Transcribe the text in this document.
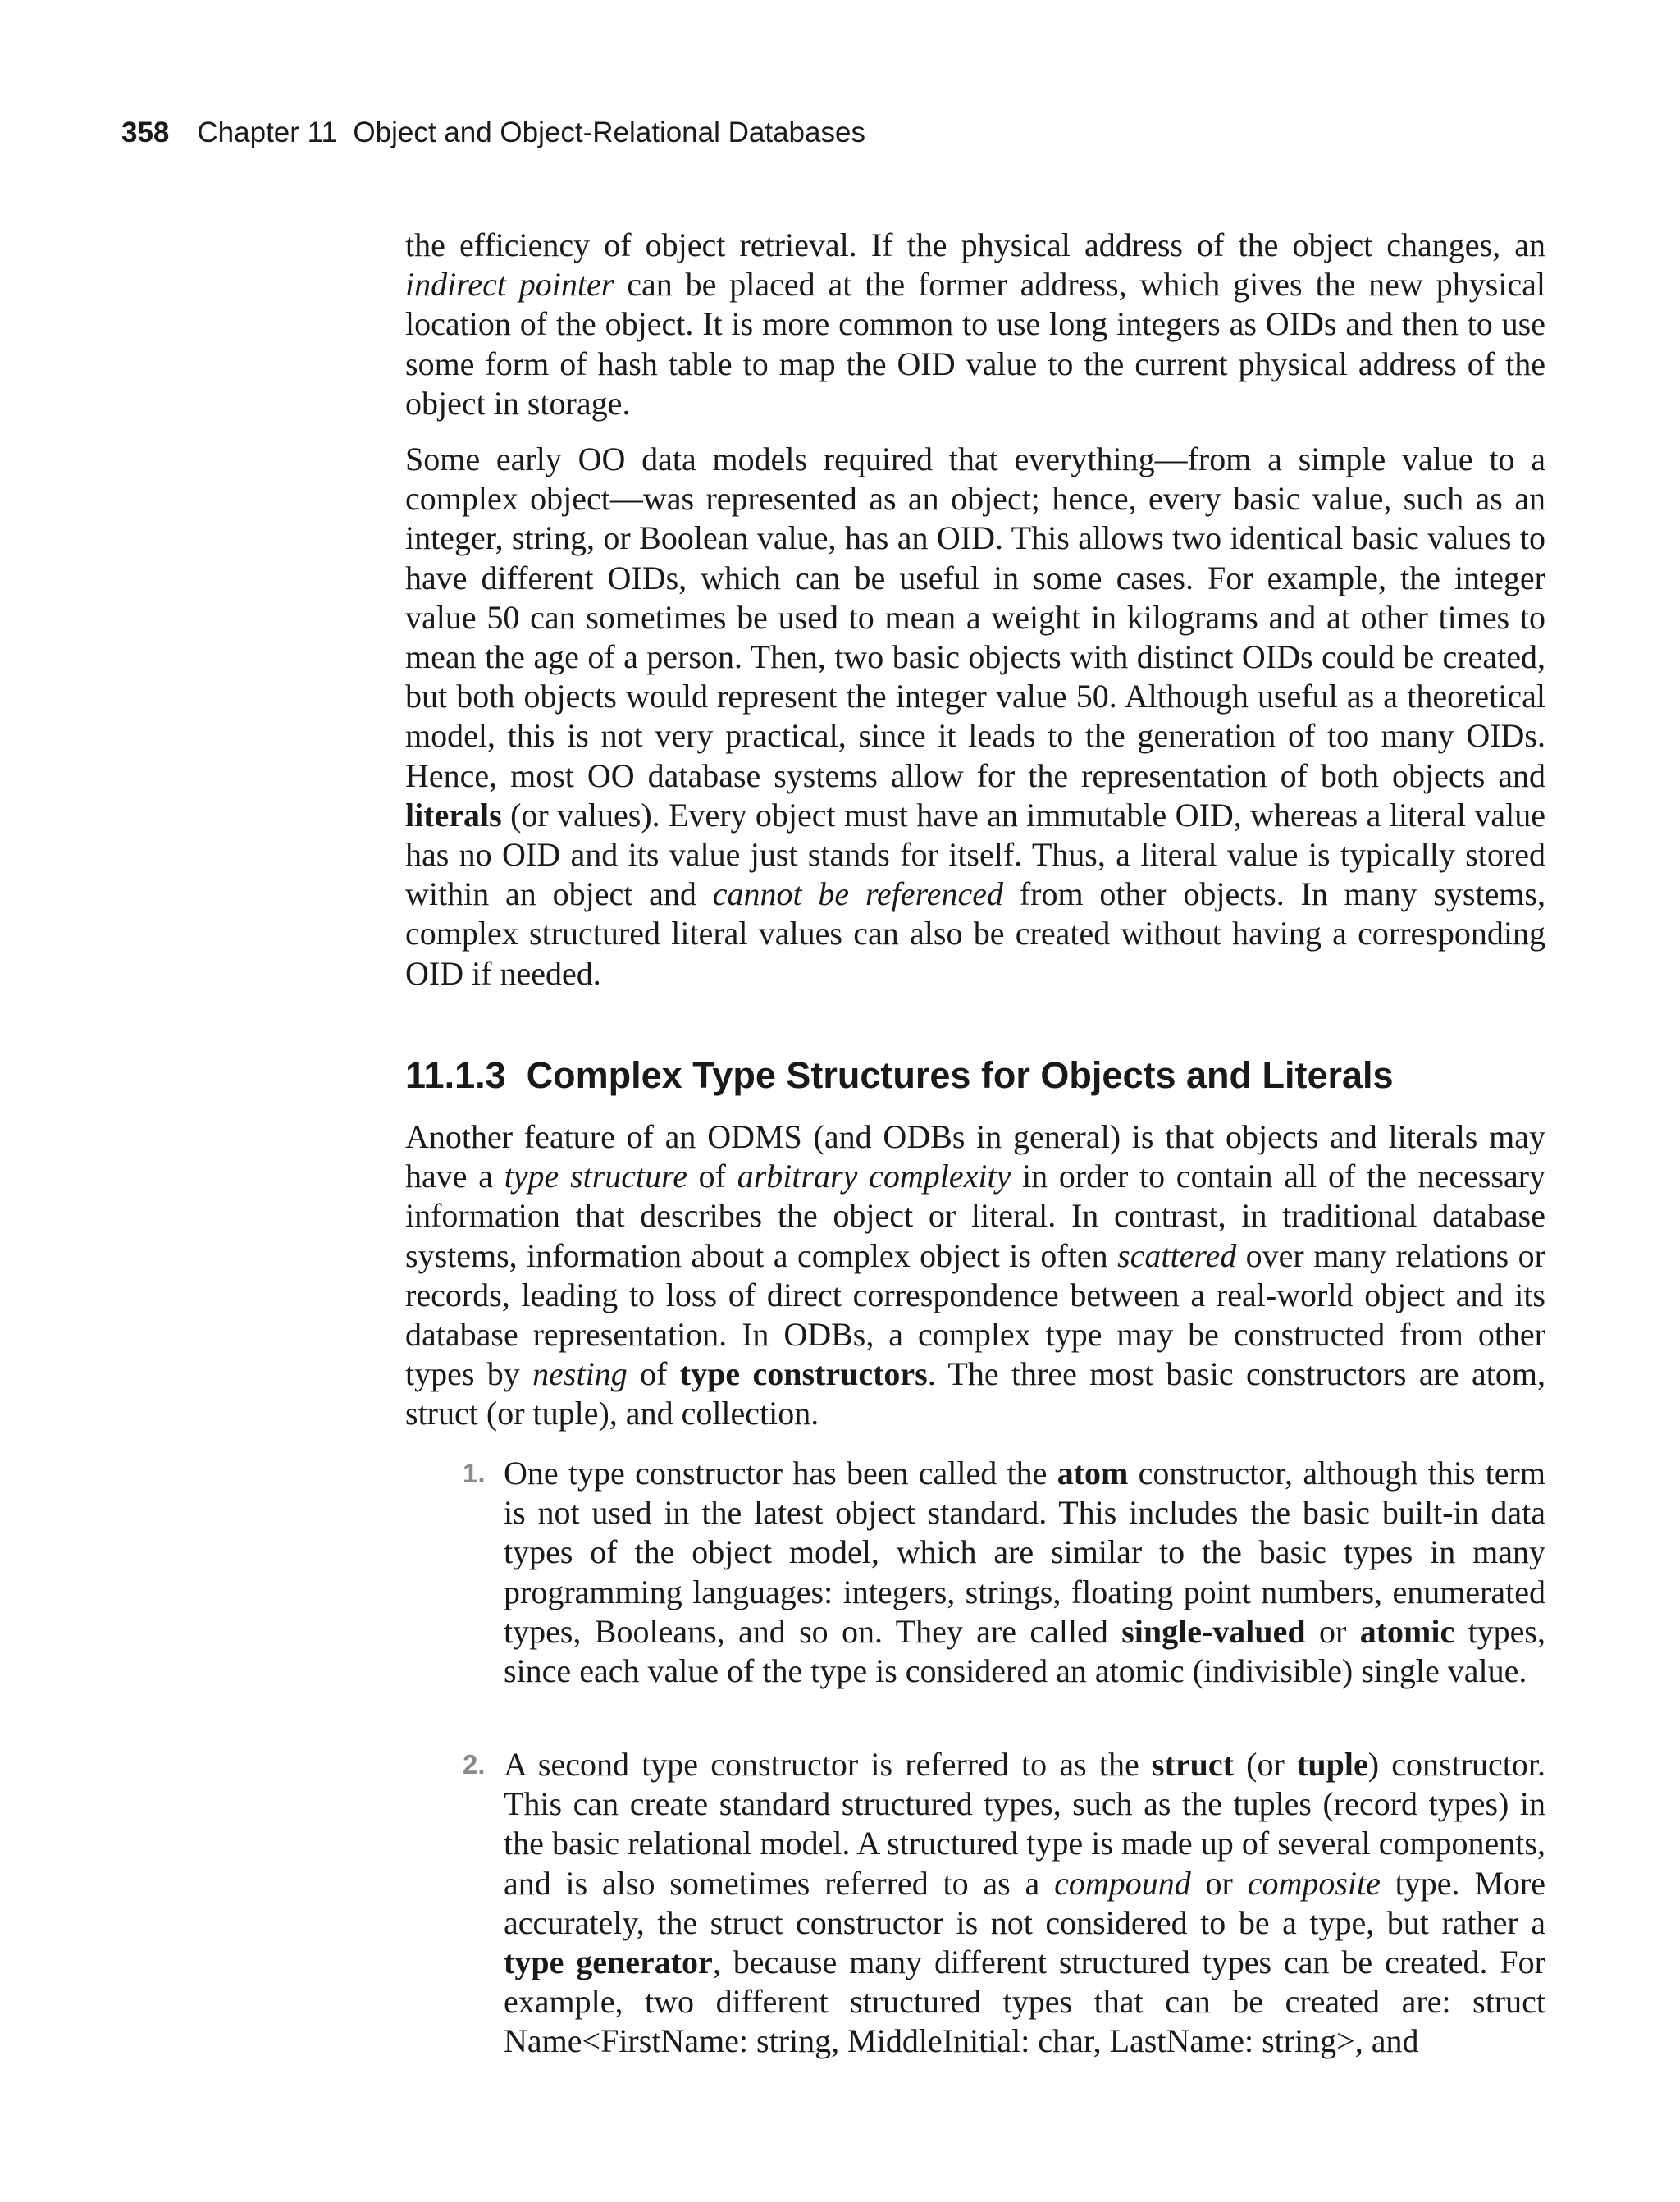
358 Chapter 11  Object and Object-Relational Databases

the efficiency of object retrieval. If the physical address of the object changes, an indirect pointer can be placed at the former address, which gives the new physical location of the object. It is more common to use long integers as OIDs and then to use some form of hash table to map the OID value to the current physical address of the object in storage.

Some early OO data models required that everything—from a simple value to a complex object—was represented as an object; hence, every basic value, such as an integer, string, or Boolean value, has an OID. This allows two identical basic values to have different OIDs, which can be useful in some cases. For example, the integer value 50 can sometimes be used to mean a weight in kilograms and at other times to mean the age of a person. Then, two basic objects with distinct OIDs could be created, but both objects would represent the integer value 50. Although useful as a theoretical model, this is not very practical, since it leads to the generation of too many OIDs. Hence, most OO database systems allow for the representation of both objects and literals (or values). Every object must have an immutable OID, whereas a literal value has no OID and its value just stands for itself. Thus, a literal value is typically stored within an object and cannot be referenced from other objects. In many systems, complex structured literal values can also be created without having a corresponding OID if needed.

11.1.3  Complex Type Structures for Objects and Literals

Another feature of an ODMS (and ODBs in general) is that objects and literals may have a type structure of arbitrary complexity in order to contain all of the necessary information that describes the object or literal. In contrast, in traditional database systems, information about a complex object is often scattered over many relations or records, leading to loss of direct correspondence between a real-world object and its database representation. In ODBs, a complex type may be constructed from other types by nesting of type constructors. The three most basic constructors are atom, struct (or tuple), and collection.

1. One type constructor has been called the atom constructor, although this term is not used in the latest object standard. This includes the basic built-in data types of the object model, which are similar to the basic types in many programming languages: integers, strings, floating point numbers, enumerated types, Booleans, and so on. They are called single-valued or atomic types, since each value of the type is considered an atomic (indivisible) single value.

2. A second type constructor is referred to as the struct (or tuple) constructor. This can create standard structured types, such as the tuples (record types) in the basic relational model. A structured type is made up of several components, and is also sometimes referred to as a compound or composite type. More accurately, the struct constructor is not considered to be a type, but rather a type generator, because many different structured types can be created. For example, two different structured types that can be created are: struct Name<FirstName: string, MiddleInitial: char, LastName: string>, and
